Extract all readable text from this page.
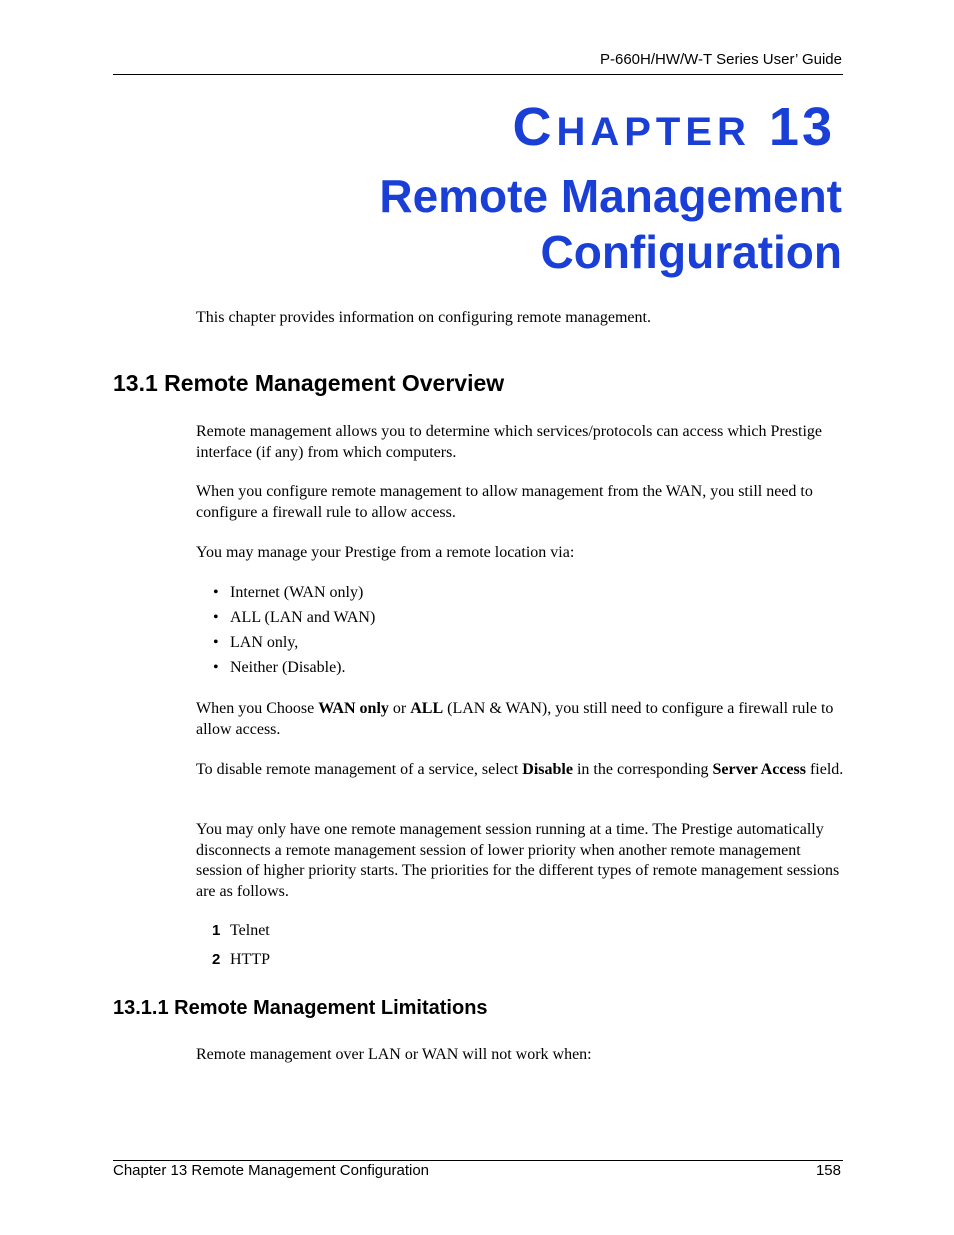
P-660H/HW/W-T Series User’ Guide
CHAPTER 13
Remote Management
Configuration

This chapter provides information on configuring remote management.

13.1 Remote Management Overview

Remote management allows you to determine which services/protocols can access which Prestige interface (if any) from which computers.

When you configure remote management to allow management from the WAN, you still need to configure a firewall rule to allow access.

You may manage your Prestige from a remote location via:

• Internet (WAN only)
• ALL (LAN and WAN)
• LAN only,
• Neither (Disable).

When you Choose WAN only or ALL (LAN & WAN), you still need to configure a firewall rule to allow access.

To disable remote management of a service, select Disable in the corresponding Server Access field.

You may only have one remote management session running at a time. The Prestige automatically disconnects a remote management session of lower priority when another remote management session of higher priority starts. The priorities for the different types of remote management sessions are as follows.

1 Telnet
2 HTTP
13.1.1 Remote Management Limitations

Remote management over LAN or WAN will not work when:

Chapter 13 Remote Management Configuration	158
